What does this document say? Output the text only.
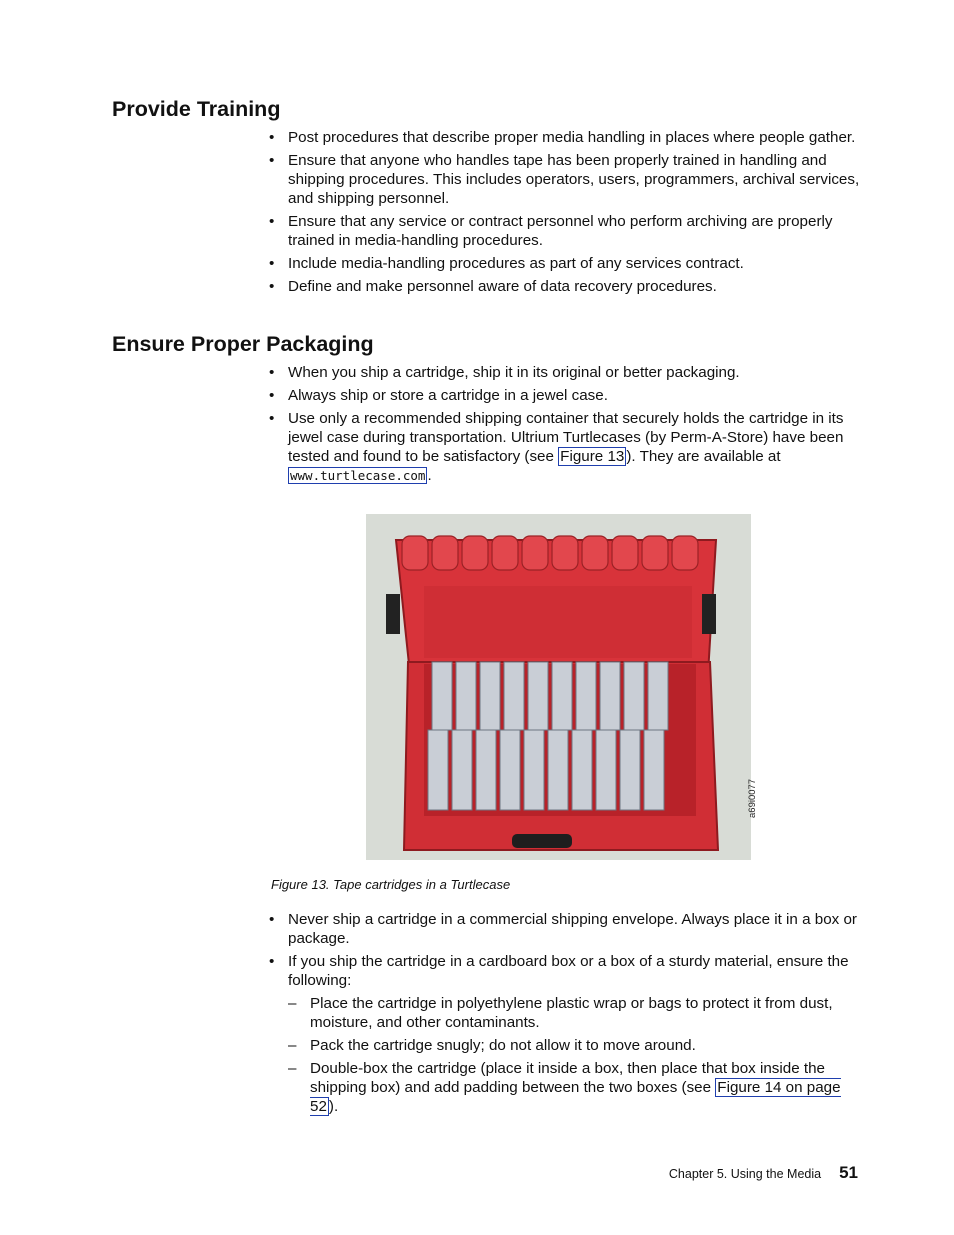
Provide Training
• Post procedures that describe proper media handling in places where people gather.
• Ensure that anyone who handles tape has been properly trained in handling and shipping procedures. This includes operators, users, programmers, archival services, and shipping personnel.
• Ensure that any service or contract personnel who perform archiving are properly trained in media-handling procedures.
• Include media-handling procedures as part of any services contract.
• Define and make personnel aware of data recovery procedures.
Ensure Proper Packaging
• When you ship a cartridge, ship it in its original or better packaging.
• Always ship or store a cartridge in a jewel case.
• Use only a recommended shipping container that securely holds the cartridge in its jewel case during transportation. Ultrium Turtlecases (by Perm-A-Store) have been tested and found to be satisfactory (see Figure 13 ). They are available at www.turtlecase.com .
a69i0077

Figure 13. Tape cartridges in a Turtlecase

• Never ship a cartridge in a commercial shipping envelope. Always place it in a box or package.
• If you ship the cartridge in a cardboard box or a box of a sturdy material, ensure the following:
– Place the cartridge in polyethylene plastic wrap or bags to protect it from dust, moisture, and other contaminants.
– Pack the cartridge snugly; do not allow it to move around.
– Double-box the cartridge (place it inside a box, then place that box inside the shipping box) and add padding between the two boxes (see Figure 14 on page 52 ).
Chapter 5. Using the Media 51
